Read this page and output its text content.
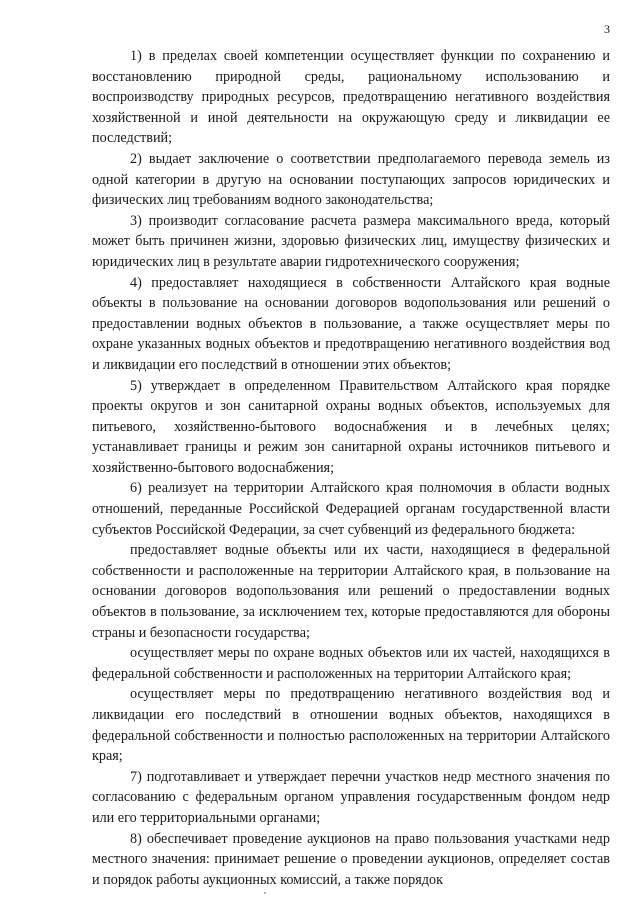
3

1) в пределах своей компетенции осуществляет функции по сохранению и восстановлению природной среды, рациональному использованию и воспроизводству природных ресурсов, предотвращению негативного воздействия хозяйственной и иной деятельности на окружающую среду и ликвидации ее последствий;

2) выдает заключение о соответствии предполагаемого перевода земель из одной категории в другую на основании поступающих запросов юридических и физических лиц требованиям водного законодательства;

3) производит согласование расчета размера максимального вреда, который может быть причинен жизни, здоровью физических лиц, имуществу физических и юридических лиц в результате аварии гидротехнического сооружения;

4) предоставляет находящиеся в собственности Алтайского края водные объекты в пользование на основании договоров водопользования или решений о предоставлении водных объектов в пользование, а также осуществляет меры по охране указанных водных объектов и предотвращению негативного воздействия вод и ликвидации его последствий в отношении этих объектов;

5) утверждает в определенном Правительством Алтайского края порядке проекты округов и зон санитарной охраны водных объектов, используемых для питьевого, хозяйственно-бытового водоснабжения и в лечебных целях; устанавливает границы и режим зон санитарной охраны источников питьевого и хозяйственно-бытового водоснабжения;

6) реализует на территории Алтайского края полномочия в области водных отношений, переданные Российской Федерацией органам государственной власти субъектов Российской Федерации, за счет субвенций из федерального бюджета:

предоставляет водные объекты или их части, находящиеся в федеральной собственности и расположенные на территории Алтайского края, в пользование на основании договоров водопользования или решений о предоставлении водных объектов в пользование, за исключением тех, которые предоставляются для обороны страны и безопасности государства;

осуществляет меры по охране водных объектов или их частей, находящихся в федеральной собственности и расположенных на территории Алтайского края;

осуществляет меры по предотвращению негативного воздействия вод и ликвидации его последствий в отношении водных объектов, находящихся в федеральной собственности и полностью расположенных на территории Алтайского края;

7) подготавливает и утверждает перечни участков недр местного значения по согласованию с федеральным органом управления государственным фондом недр или его территориальными органами;

8) обеспечивает проведение аукционов на право пользования участками недр местного значения: принимает решение о проведении аукционов, определяет состав и порядок работы аукционных комиссий, а также порядок
